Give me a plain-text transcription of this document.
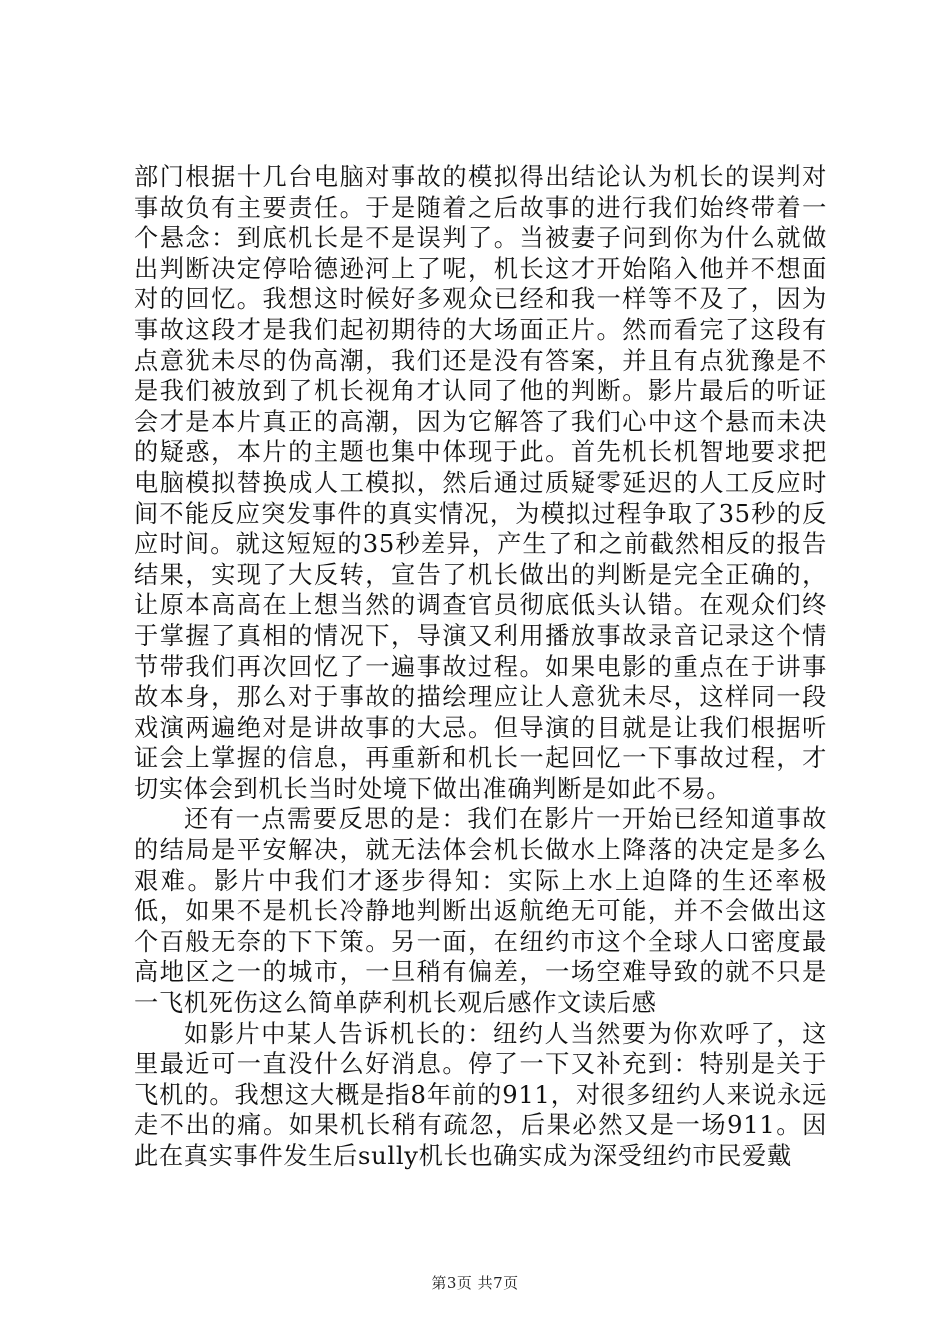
部门根据十几台电脑对事故的模拟得出结论认为机长的误判对事故负有主要责任。于是随着之后故事的进行我们始终带着一个悬念：到底机长是不是误判了。当被妻子问到你为什么就做出判断决定停哈德逊河上了呢，机长这才开始陷入他并不想面对的回忆。我想这时候好多观众已经和我一样等不及了，因为事故这段才是我们起初期待的大场面正片。然而看完了这段有点意犹未尽的伪高潮，我们还是没有答案，并且有点犹豫是不是我们被放到了机长视角才认同了他的判断。影片最后的听证会才是本片真正的高潮，因为它解答了我们心中这个悬而未决的疑惑，本片的主题也集中体现于此。首先机长机智地要求把电脑模拟替换成人工模拟，然后通过质疑零延迟的人工反应时间不能反应突发事件的真实情况，为模拟过程争取了35秒的反应时间。就这短短的35秒差异，产生了和之前截然相反的报告结果，实现了大反转，宣告了机长做出的判断是完全正确的，让原本高高在上想当然的调查官员彻底低头认错。在观众们终于掌握了真相的情况下，导演又利用播放事故录音记录这个情节带我们再次回忆了一遍事故过程。如果电影的重点在于讲事故本身，那么对于事故的描绘理应让人意犹未尽，这样同一段戏演两遍绝对是讲故事的大忌。但导演的目就是让我们根据听证会上掌握的信息，再重新和机长一起回忆一下事故过程，才切实体会到机长当时处境下做出准确判断是如此不易。

还有一点需要反思的是：我们在影片一开始已经知道事故的结局是平安解决，就无法体会机长做水上降落的决定是多么艰难。影片中我们才逐步得知：实际上水上迫降的生还率极低，如果不是机长冷静地判断出返航绝无可能，并不会做出这个百般无奈的下下策。另一面，在纽约市这个全球人口密度最高地区之一的城市，一旦稍有偏差，一场空难导致的就不只是一飞机死伤这么简单萨利机长观后感作文读后感

如影片中某人告诉机长的：纽约人当然要为你欢呼了，这里最近可一直没什么好消息。停了一下又补充到：特别是关于飞机的。我想这大概是指8年前的911，对很多纽约人来说永远走不出的痛。如果机长稍有疏忽，后果必然又是一场911。因此在真实事件发生后sully机长也确实成为深受纽约市民爱戴

第3页 共7页
